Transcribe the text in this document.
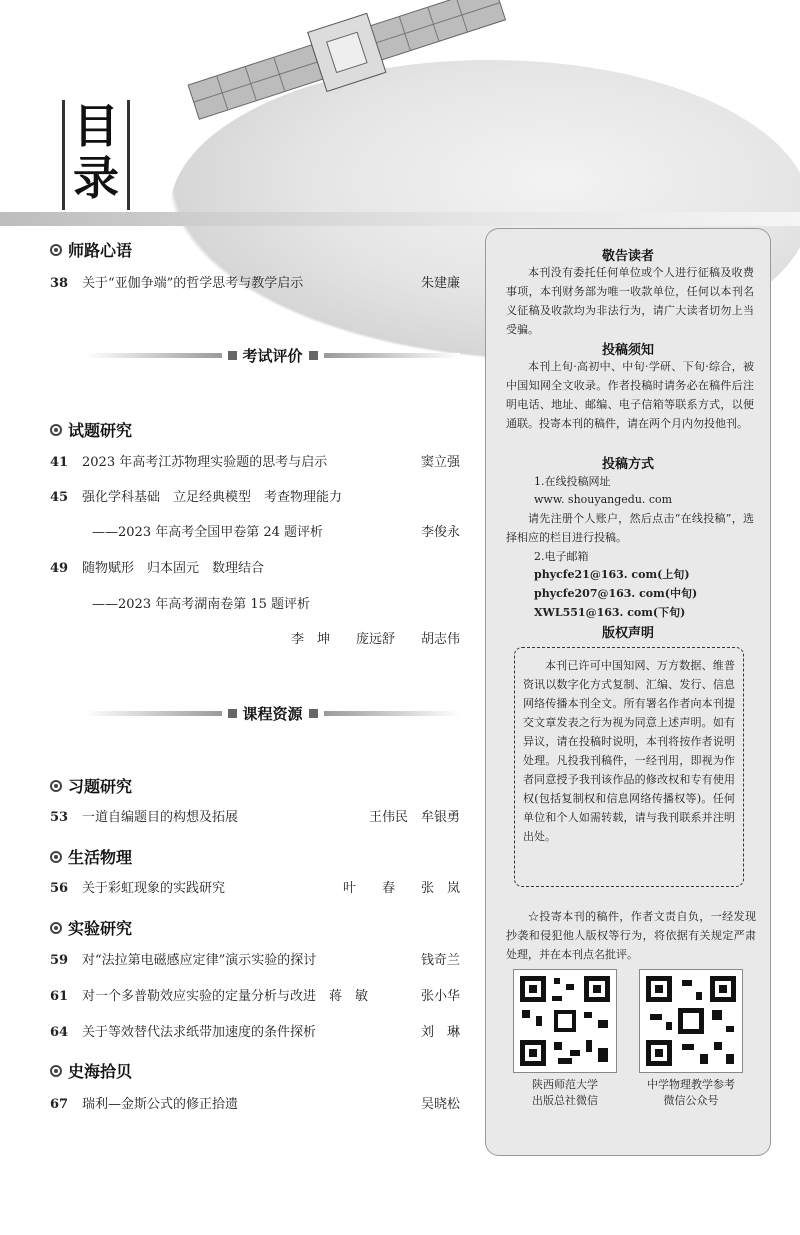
目
录
师路心语
38 关于“亚伽争端”的哲学思考与教学启示	朱建廉
考试评价
试题研究
41 2023 年高考江苏物理实验题的思考与启示	窦立强
45 强化学科基础　立足经典模型　考查物理能力
——2023 年高考全国甲卷第 24 题评析	李俊永
49 随物赋形　归本固元　数理结合
——2023 年高考湖南卷第 15 题评析
李　坤　　庞远舒　　胡志伟
课程资源
习题研究
53 一道自编题目的构想及拓展	王伟民　牟银勇
生活物理
56 关于彩虹现象的实践研究	叶　　春　　张　岚
实验研究
59 对“法拉第电磁感应定律”演示实验的探讨	钱奇兰
61 对一个多普勒效应实验的定量分析与改进　蒋　敏	张小华
64 关于等效替代法求纸带加速度的条件探析	刘　琳
史海拾贝
67 瑞利—金斯公式的修正拾遗	吴晓松
敬告读者
本刊没有委托任何单位或个人进行征稿及收费事项，本刊财务部为唯一收款单位，任何以本刊名义征稿及收款均为非法行为，请广大读者切勿上当受骗。
投稿须知
本刊上旬·高初中、中旬·学研、下旬·综合，被中国知网全文收录。作者投稿时请务必在稿件后注明电话、地址、邮编、电子信箱等联系方式，以便通联。投寄本刊的稿件，请在两个月内勿投他刊。
投稿方式
1.在线投稿网址
www. shouyangedu. com
请先注册个人账户，然后点击“在线投稿”，选择相应的栏目进行投稿。
2.电子邮箱
phycfe21@163. com(上旬)
phycfe207@163. com(中旬)
XWL551@163. com(下旬)
版权声明
本刊已许可中国知网、万方数据、维普资讯以数字化方式复制、汇编、发行、信息网络传播本刊全文。所有署名作者向本刊提交文章发表之行为视为同意上述声明。如有异议，请在投稿时说明，本刊将按作者说明处理。凡投我刊稿件，一经刊用，即视为作者同意授予我刊该作品的修改权和专有使用权(包括复制权和信息网络传播权等)。任何单位和个人如需转载，请与我刊联系并注明出处。
☆投寄本刊的稿件，作者文责自负，一经发现抄袭和侵犯他人版权等行为，将依据有关规定严肃处理，并在本刊点名批评。
陕西师范大学
出版总社微信
中学物理教学参考
微信公众号
